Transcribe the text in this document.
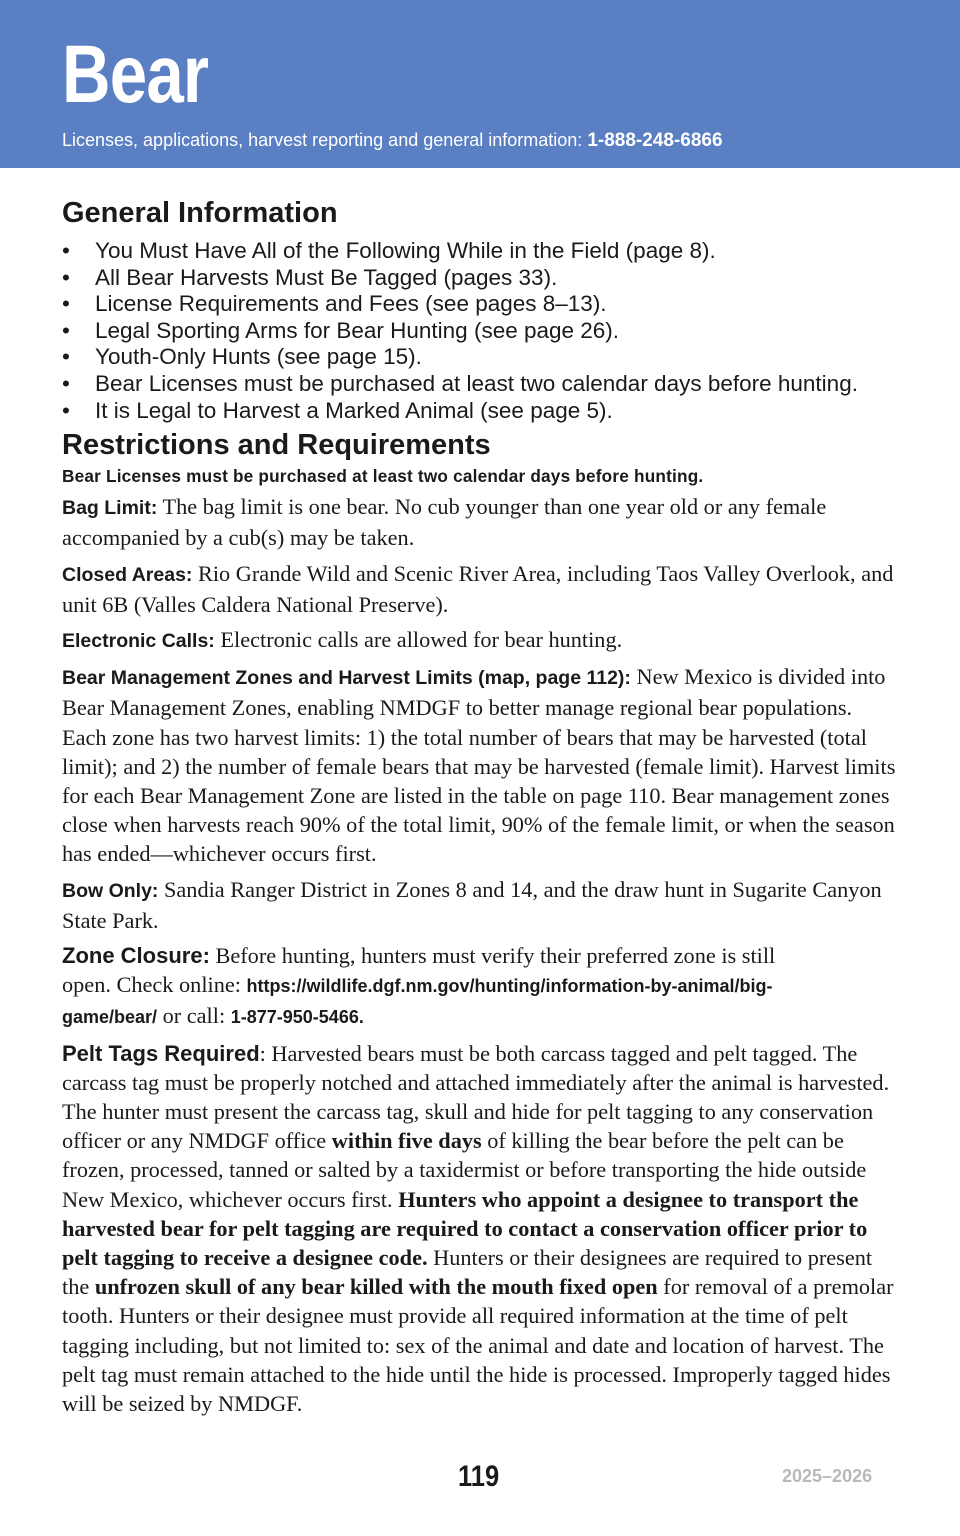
Bear
Licenses, applications, harvest reporting and general information: 1-888-248-6866
General Information
• You Must Have All of the Following While in the Field (page 8).
• All Bear Harvests Must Be Tagged (pages 33).
• License Requirements and Fees (see pages 8–13).
• Legal Sporting Arms for Bear Hunting (see page 26).
• Youth-Only Hunts (see page 15).
• Bear Licenses must be purchased at least two calendar days before hunting.
• It is Legal to Harvest a Marked Animal (see page 5).
Restrictions and Requirements
Bear Licenses must be purchased at least two calendar days before hunting.

Bag Limit: The bag limit is one bear. No cub younger than one year old or any female accompanied by a cub(s) may be taken.

Closed Areas: Rio Grande Wild and Scenic River Area, including Taos Valley Overlook, and unit 6B (Valles Caldera National Preserve).

Electronic Calls: Electronic calls are allowed for bear hunting.

Bear Management Zones and Harvest Limits (map, page 112): New Mexico is divided into Bear Management Zones, enabling NMDGF to better manage regional bear populations. Each zone has two harvest limits: 1) the total number of bears that may be harvested (total limit); and 2) the number of female bears that may be harvested (female limit). Harvest limits for each Bear Management Zone are listed in the table on page 110. Bear management zones close when harvests reach 90% of the total limit, 90% of the female limit, or when the season has ended—whichever occurs first.

Bow Only: Sandia Ranger District in Zones 8 and 14, and the draw hunt in Sugarite Canyon State Park.

Zone Closure: Before hunting, hunters must verify their preferred zone is still open. Check online: https://wildlife.dgf.nm.gov/hunting/information-by-animal/big-game/bear/ or call: 1-877-950-5466.

Pelt Tags Required: Harvested bears must be both carcass tagged and pelt tagged. The carcass tag must be properly notched and attached immediately after the animal is harvested. The hunter must present the carcass tag, skull and hide for pelt tagging to any conservation officer or any NMDGF office within five days of killing the bear before the pelt can be frozen, processed, tanned or salted by a taxidermist or before transporting the hide outside New Mexico, whichever occurs first. Hunters who appoint a designee to transport the harvested bear for pelt tagging are required to contact a conservation officer prior to pelt tagging to receive a designee code. Hunters or their designees are required to present the unfrozen skull of any bear killed with the mouth fixed open for removal of a premolar tooth. Hunters or their designee must provide all required information at the time of pelt tagging including, but not limited to: sex of the animal and date and location of harvest. The pelt tag must remain attached to the hide until the hide is processed. Improperly tagged hides will be seized by NMDGF.

119	2025–2026
